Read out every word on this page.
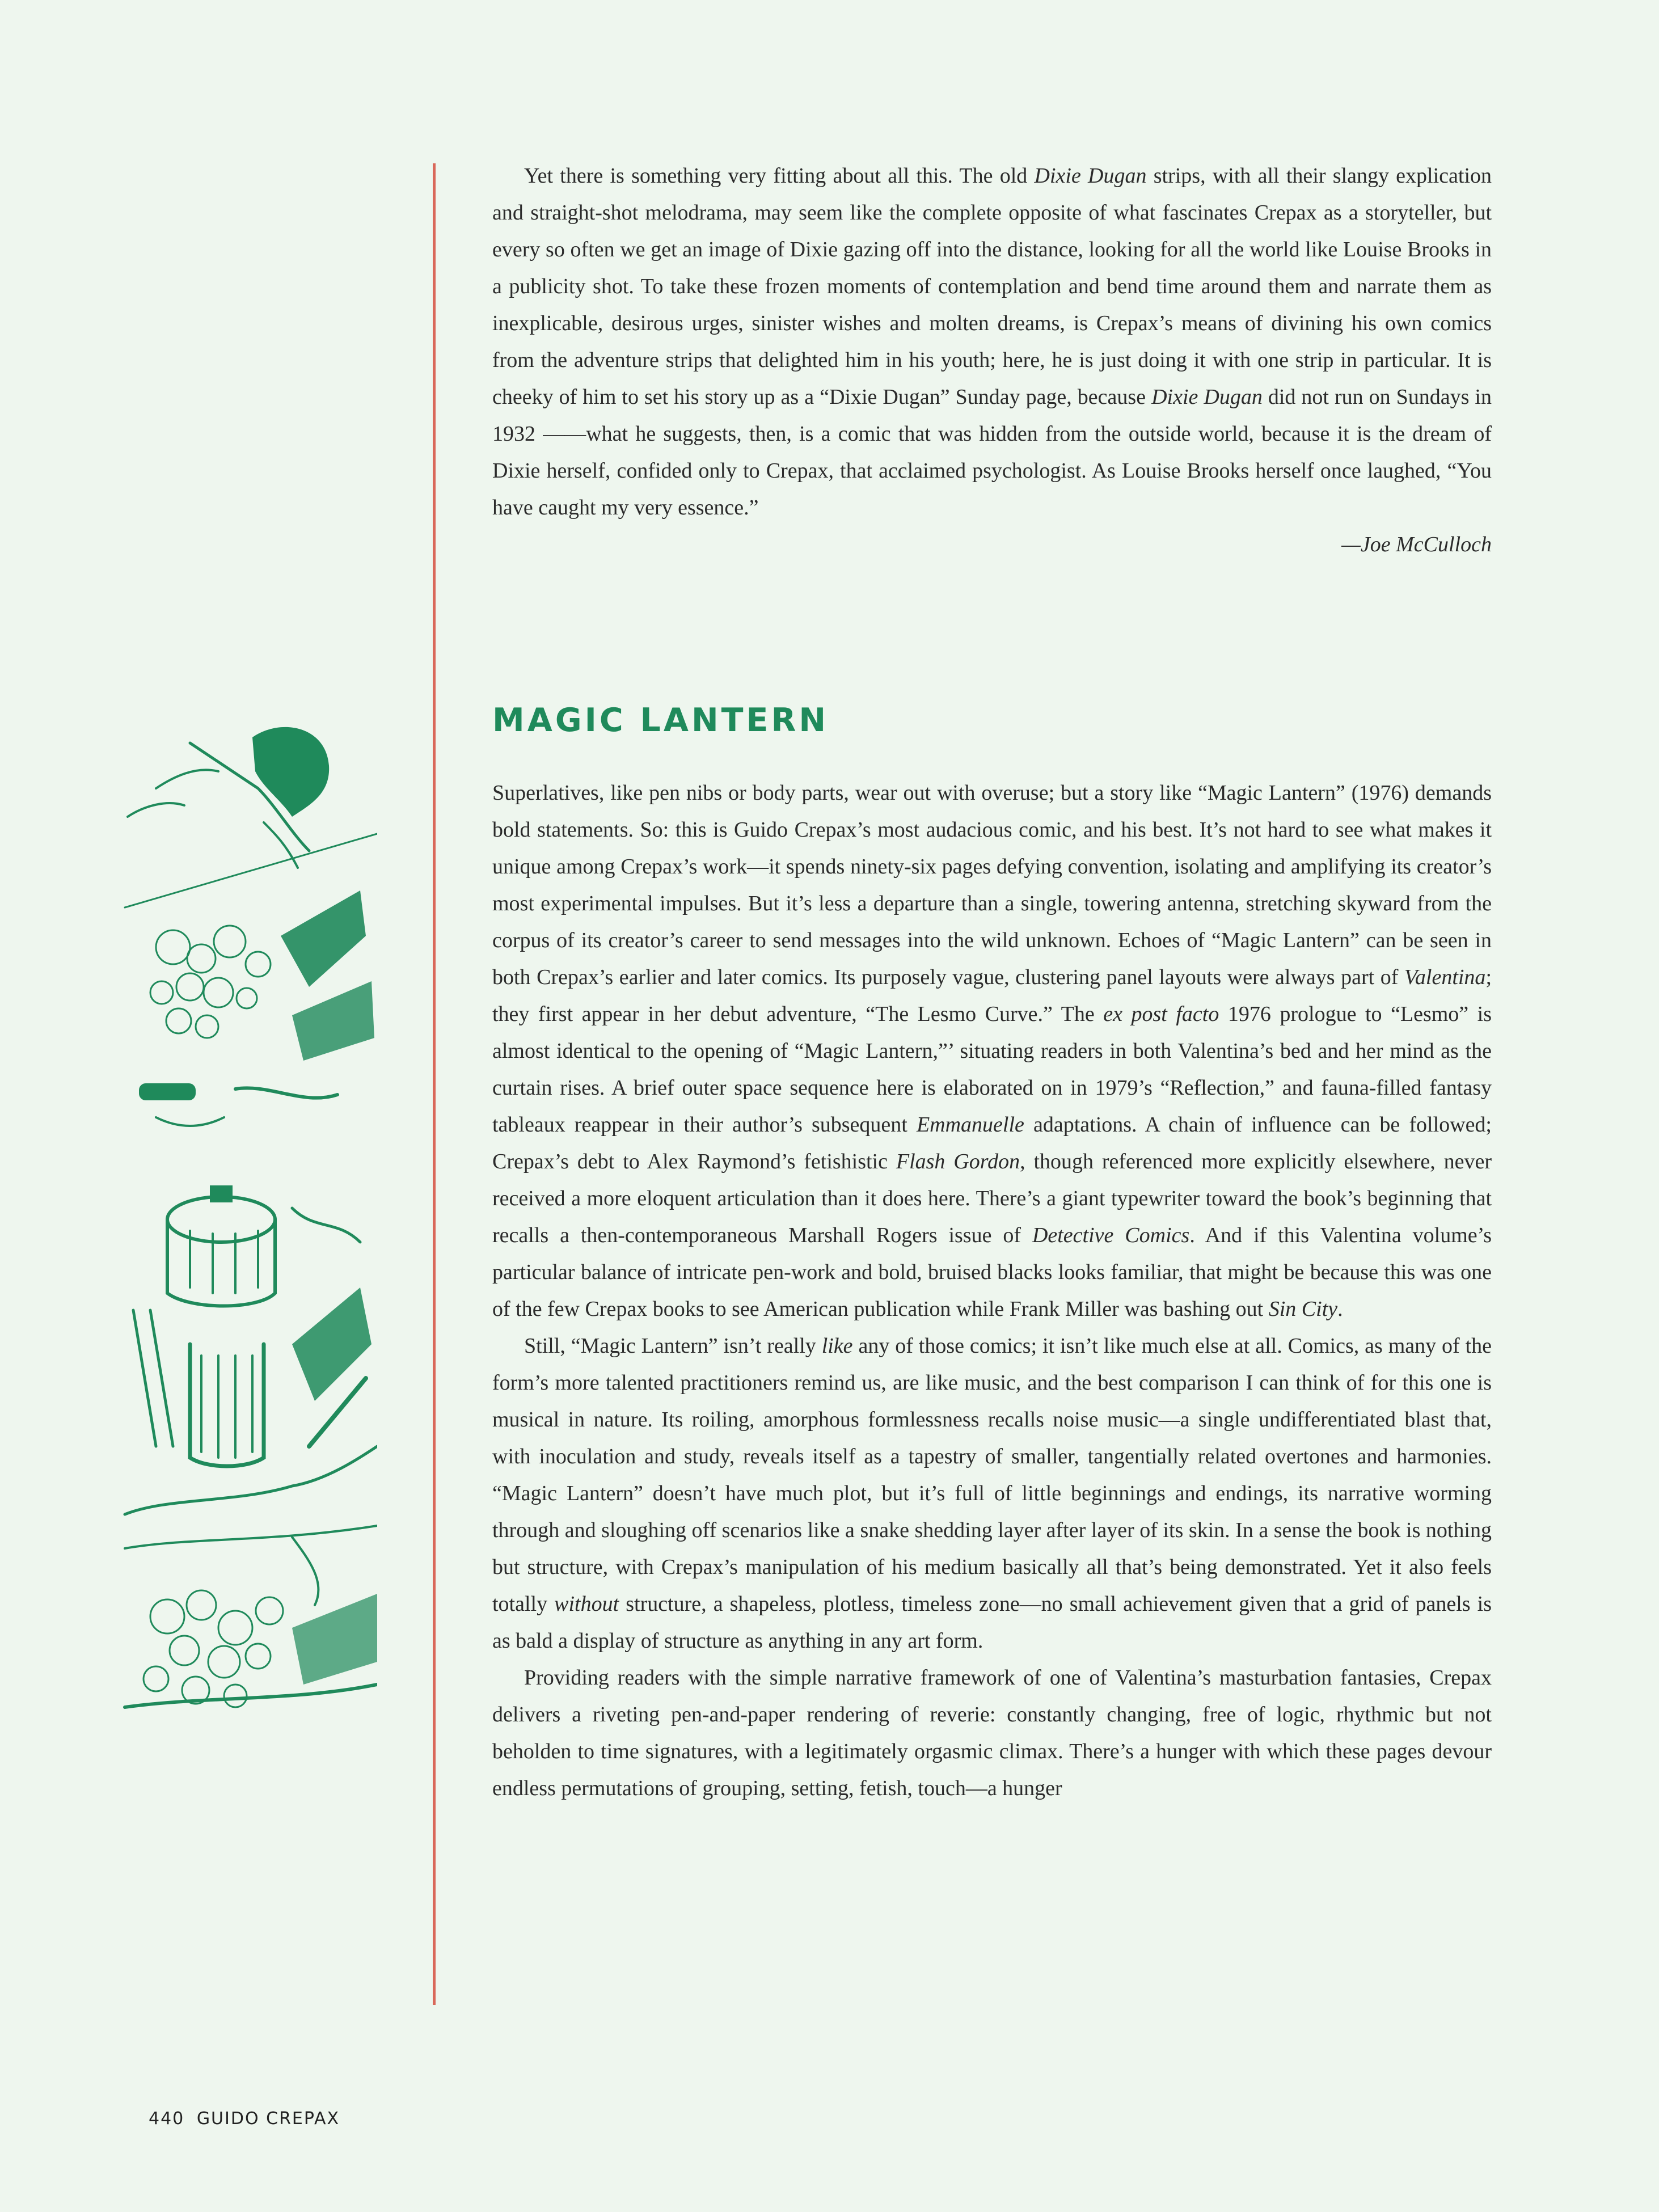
Yet there is something very fitting about all this. The old Dixie Dugan strips, with all their slangy explication and straight-shot melodrama, may seem like the complete opposite of what fascinates Crepax as a storyteller, but every so often we get an image of Dixie gazing off into the distance, looking for all the world like Louise Brooks in a publicity shot. To take these frozen moments of contemplation and bend time around them and narrate them as inexplicable, desirous urges, sinister wishes and molten dreams, is Crepax’s means of divining his own comics from the adventure strips that delighted him in his youth; here, he is just doing it with one strip in particular. It is cheeky of him to set his story up as a “Dixie Dugan” Sunday page, because Dixie Dugan did not run on Sundays in 1932 ——what he suggests, then, is a comic that was hidden from the outside world, because it is the dream of Dixie herself, confided only to Crepax, that acclaimed psychologist. As Louise Brooks herself once laughed, “You have caught my very essence.”

—Joe McCulloch

MAGIC LANTERN

Superlatives, like pen nibs or body parts, wear out with overuse; but a story like “Magic Lantern” (1976) demands bold statements. So: this is Guido Crepax’s most audacious comic, and his best. It’s not hard to see what makes it unique among Crepax’s work—it spends ninety-six pages defying convention, isolating and amplifying its creator’s most experimental impulses. But it’s less a departure than a single, towering antenna, stretching skyward from the corpus of its creator’s career to send messages into the wild unknown. Echoes of “Magic Lantern” can be seen in both Crepax’s earlier and later comics. Its purposely vague, clustering panel layouts were always part of Valentina; they first appear in her debut adventure, “The Lesmo Curve.” The ex post facto 1976 prologue to “Lesmo” is almost identical to the opening of “Magic Lantern,”’ situating readers in both Valentina’s bed and her mind as the curtain rises. A brief outer space sequence here is elaborated on in 1979’s “Reflection,” and fauna-filled fantasy tableaux reappear in their author’s subsequent Emmanuelle adaptations. A chain of influence can be followed; Crepax’s debt to Alex Raymond’s fetishistic Flash Gordon, though referenced more explicitly elsewhere, never received a more eloquent articulation than it does here. There’s a giant typewriter toward the book’s beginning that recalls a then-contemporaneous Marshall Rogers issue of Detective Comics. And if this Valentina volume’s particular balance of intricate pen-work and bold, bruised blacks looks familiar, that might be because this was one of the few Crepax books to see American publication while Frank Miller was bashing out Sin City.

Still, “Magic Lantern” isn’t really like any of those comics; it isn’t like much else at all. Comics, as many of the form’s more talented practitioners remind us, are like music, and the best comparison I can think of for this one is musical in nature. Its roiling, amorphous formlessness recalls noise music—a single undifferentiated blast that, with inoculation and study, reveals itself as a tapestry of smaller, tangentially related overtones and harmonies. “Magic Lantern” doesn’t have much plot, but it’s full of little beginnings and endings, its narrative worming through and sloughing off scenarios like a snake shedding layer after layer of its skin. In a sense the book is nothing but structure, with Crepax’s manipulation of his medium basically all that’s being demonstrated. Yet it also feels totally without structure, a shapeless, plotless, timeless zone—no small achievement given that a grid of panels is as bald a display of structure as anything in any art form.

Providing readers with the simple narrative framework of one of Valentina’s masturbation fantasies, Crepax delivers a riveting pen-and-paper rendering of reverie: constantly changing, free of logic, rhythmic but not beholden to time signatures, with a legitimately orgasmic climax. There’s a hunger with which these pages devour endless permutations of grouping, setting, fetish, touch—a hunger

440 GUIDO CREPAX
